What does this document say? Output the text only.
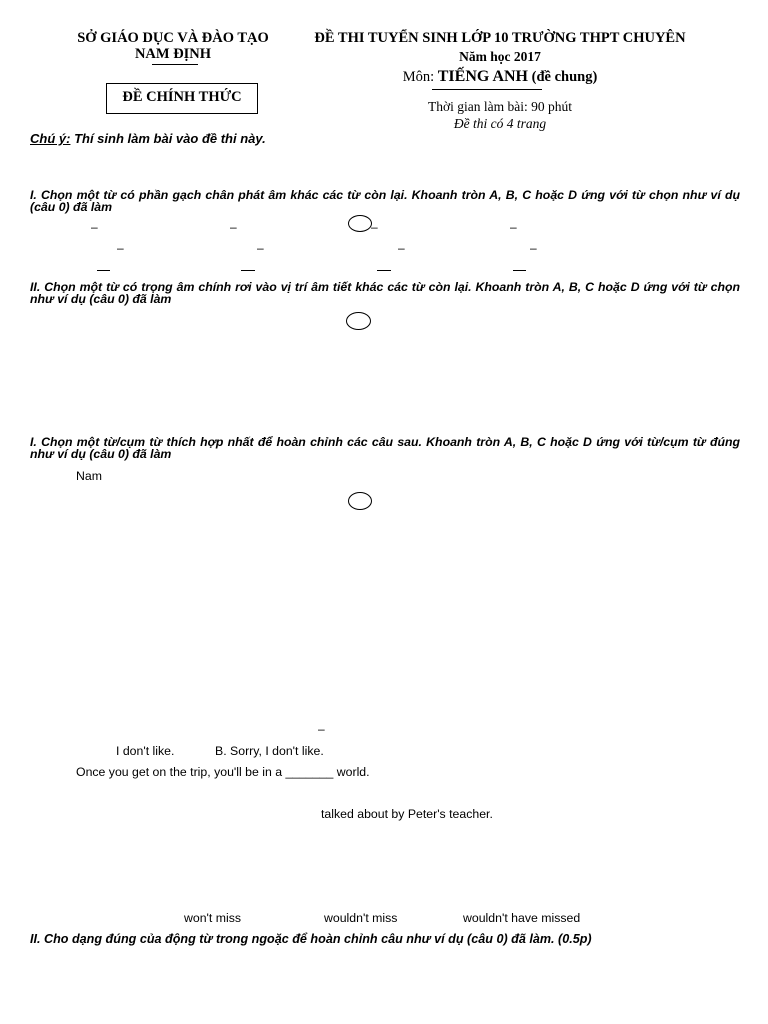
SỞ GIÁO DỤC VÀ ĐÀO TẠO
NAM ĐỊNH
ĐỀ CHÍNH THỨC
ĐỀ THI TUYỂN SINH LỚP 10 TRƯỜNG THPT CHUYÊN
Năm học 2017
Môn: TIẾNG ANH (đề chung)
Thời gian làm bài: 90 phút
Đề thi có 4 trang
Chú ý: Thí sinh làm bài vào đề thi này.
I. Chọn một từ có phần gạch chân phát âm khác các từ còn lại. Khoanh tròn A, B, C hoặc D ứng với từ chọn như ví dụ (câu 0) đã làm
–	–	–	–
–	–	–	–
II. Chọn một từ có trọng âm chính rơi vào vị trí âm tiết khác các từ còn lại. Khoanh tròn A, B, C hoặc D ứng với từ chọn như ví dụ (câu 0) đã làm
I. Chọn một từ/cụm từ thích hợp nhất để hoàn chỉnh các câu sau. Khoanh tròn A, B, C hoặc D ứng với từ/cụm từ đúng như ví dụ (câu 0) đã làm
Nam
–
I don't like.	B. Sorry, I don't like.
Once you get on the trip, you'll be in a _______ world.
talked about by Peter's teacher.
won't miss	wouldn't miss	wouldn't have missed
II. Cho dạng đúng của động từ trong ngoặc để hoàn chỉnh câu như ví dụ (câu 0) đã làm. (0.5p)
